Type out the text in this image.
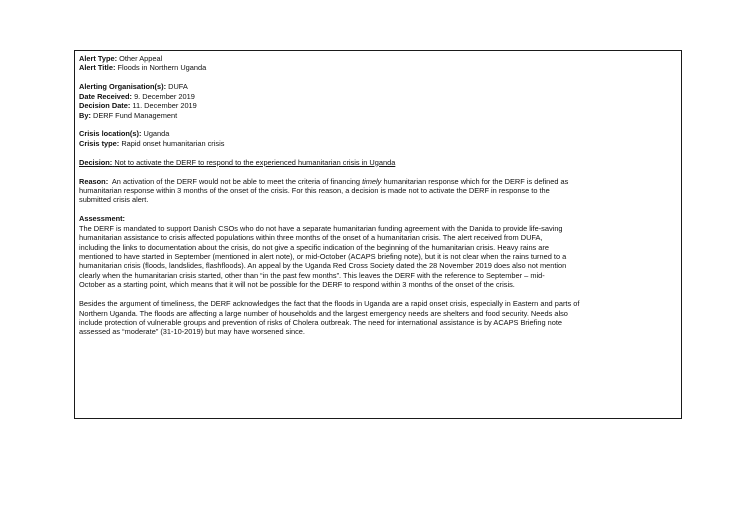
Alert Type: Other Appeal
Alert Title: Floods in Northern Uganda
Alerting Organisation(s): DUFA
Date Received: 9. December 2019
Decision Date: 11. December 2019
By: DERF Fund Management
Crisis location(s): Uganda
Crisis type: Rapid onset humanitarian crisis
Decision: Not to activate the DERF to respond to the experienced humanitarian crisis in Uganda
Reason: An activation of the DERF would not be able to meet the criteria of financing timely humanitarian response which for the DERF is defined as
humanitarian response within 3 months of the onset of the crisis. For this reason, a decision is made not to activate the DERF in response to the
submitted crisis alert.
Assessment:
The DERF is mandated to support Danish CSOs who do not have a separate humanitarian funding agreement with the Danida to provide life-saving
humanitarian assistance to crisis affected populations within three months of the onset of a humanitarian crisis. The alert received from DUFA,
including the links to documentation about the crisis, do not give a specific indication of the beginning of the humanitarian crisis. Heavy rains are
mentioned to have started in September (mentioned in alert note), or mid-October (ACAPS briefing note), but it is not clear when the rains turned to a
humanitarian crisis (floods, landslides, flashfloods). An appeal by the Uganda Red Cross Society dated the 28 November 2019 does also not mention
clearly when the humanitarian crisis started, other than “in the past few months”. This leaves the DERF with the reference to September – mid-
October as a starting point, which means that it will not be possible for the DERF to respond within 3 months of the onset of the crisis.
Besides the argument of timeliness, the DERF acknowledges the fact that the floods in Uganda are a rapid onset crisis, especially in Eastern and parts of
Northern Uganda. The floods are affecting a large number of households and the largest emergency needs are shelters and food security. Needs also
include protection of vulnerable groups and prevention of risks of Cholera outbreak. The need for international assistance is by ACAPS Briefing note
assessed as “moderate” (31-10-2019) but may have worsened since.
